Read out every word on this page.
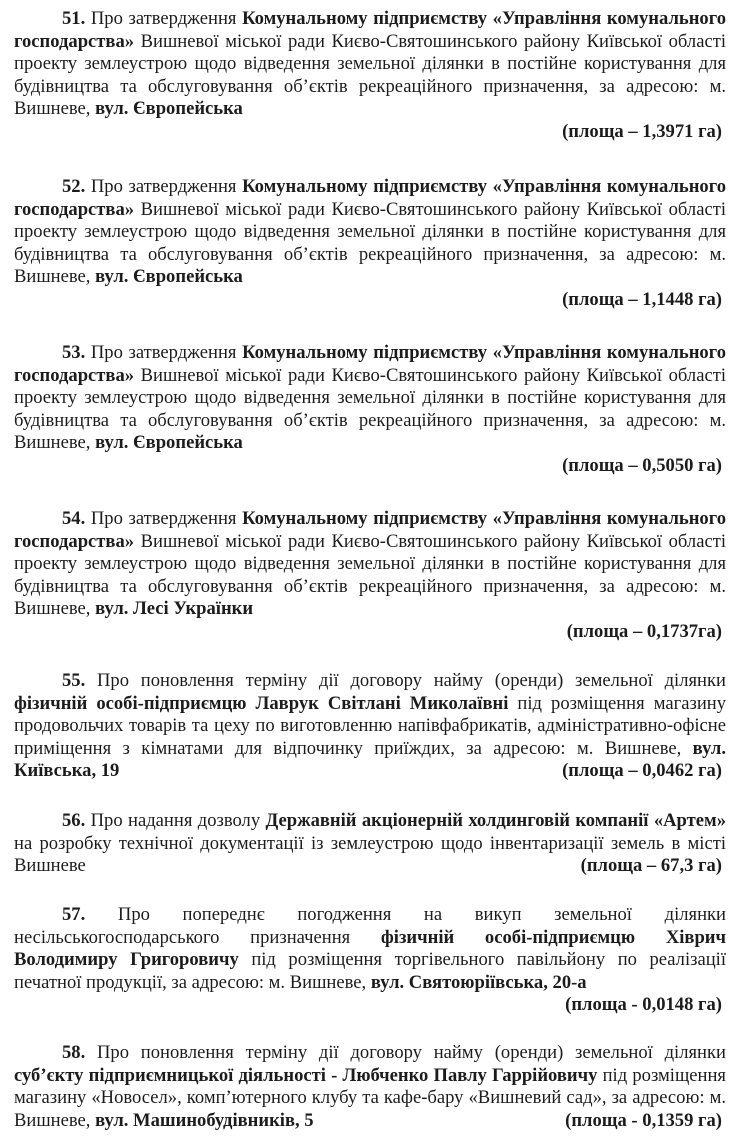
51. Про затвердження Комунальному підприємству «Управління комунального господарства» Вишневої міської ради Києво-Святошинського району Київської області проекту землеустрою щодо відведення земельної ділянки в постійне користування для будівництва та обслуговування об’єктів рекреаційного призначення, за адресою: м. Вишневе, вул. Європейська

(площа – 1,3971 га)

52. Про затвердження Комунальному підприємству «Управління комунального господарства» Вишневої міської ради Києво-Святошинського району Київської області проекту землеустрою щодо відведення земельної ділянки в постійне користування для будівництва та обслуговування об’єктів рекреаційного призначення, за адресою: м. Вишневе, вул. Європейська

(площа – 1,1448 га)

53. Про затвердження Комунальному підприємству «Управління комунального господарства» Вишневої міської ради Києво-Святошинського району Київської області проекту землеустрою щодо відведення земельної ділянки в постійне користування для будівництва та обслуговування об’єктів рекреаційного призначення, за адресою: м. Вишневе, вул. Європейська

(площа – 0,5050 га)

54. Про затвердження Комунальному підприємству «Управління комунального господарства» Вишневої міської ради Києво-Святошинського району Київської області проекту землеустрою щодо відведення земельної ділянки в постійне користування для будівництва та обслуговування об’єктів рекреаційного призначення, за адресою: м. Вишневе, вул. Лесі Українки

(площа – 0,1737га)

55. Про поновлення терміну дії договору найму (оренди) земельної ділянки фізичній особі-підприємцю Лаврук Світлані Миколаївні під розміщення магазину продовольчих товарів та цеху по виготовленню напівфабрикатів, адміністративно-офісне приміщення з кімнатами для відпочинку приїждих, за адресою: м. Вишневе, вул. Київська, 19	(площа – 0,0462 га)

56. Про надання дозволу Державній акціонерній холдинговій компанії «Артем» на розробку технічної документації із землеустрою щодо інвентаризації земель в місті Вишневе	(площа – 67,3 га)

57. Про попереднє погодження на викуп земельної ділянки несільськогосподарського призначення фізичній особі-підприємцю Хіврич Володимиру Григоровичу під розміщення торгівельного павільйону по реалізації печатної продукції, за адресою: м. Вишневе, вул. Святоюріївська, 20-а
(площа - 0,0148 га)

58. Про поновлення терміну дії договору найму (оренди) земельної ділянки суб’єкту підприємницької діяльності - Любченко Павлу Гаррійовичу під розміщення магазину «Новосел», комп’ютерного клубу та кафе-бару «Вишневий сад», за адресою: м. Вишневе, вул. Машинобудівників, 5	(площа - 0,1359 га)
